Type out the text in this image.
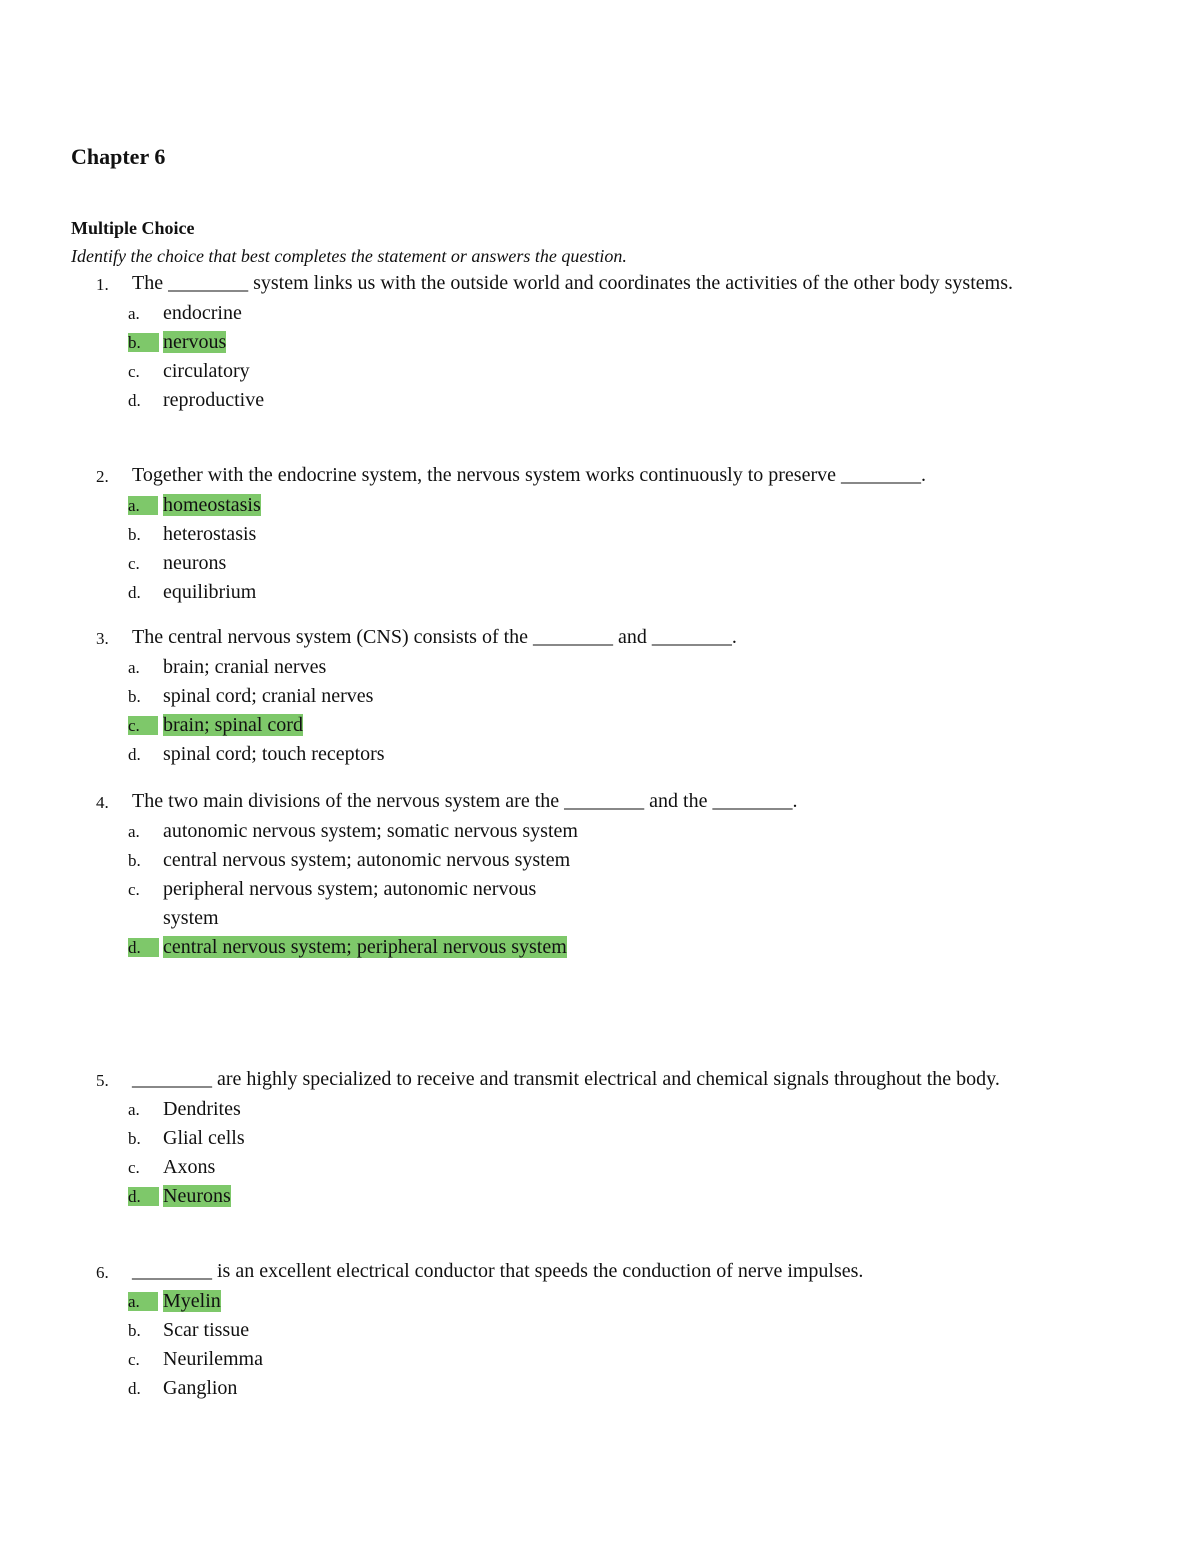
Chapter 6
Multiple Choice

Identify the choice that best completes the statement or answers the question.

1.	The ________ system links us with the outside world and coordinates the activities of the other body systems.
a.	endocrine
b.	nervous
c.	circulatory
d.	reproductive
2.	Together with the endocrine system, the nervous system works continuously to preserve ________.
a.	homeostasis
b.	heterostasis
c.	neurons
d.	equilibrium
3.	The central nervous system (CNS) consists of the ________ and ________.
a.	brain; cranial nerves
b.	spinal cord; cranial nerves
c.	brain; spinal cord
d.	spinal cord; touch receptors
4.	The two main divisions of the nervous system are the ________ and the ________.
a.	autonomic nervous system; somatic nervous system
b.	central nervous system; autonomic nervous system
c.	peripheral nervous system; autonomic nervous system
d.	central nervous system; peripheral nervous system
5.	________ are highly specialized to receive and transmit electrical and chemical signals throughout the body.
a.	Dendrites
b.	Glial cells
c.	Axons
d.	Neurons
6.	________ is an excellent electrical conductor that speeds the conduction of nerve impulses.
a.	Myelin
b.	Scar tissue
c.	Neurilemma
d.	Ganglion
